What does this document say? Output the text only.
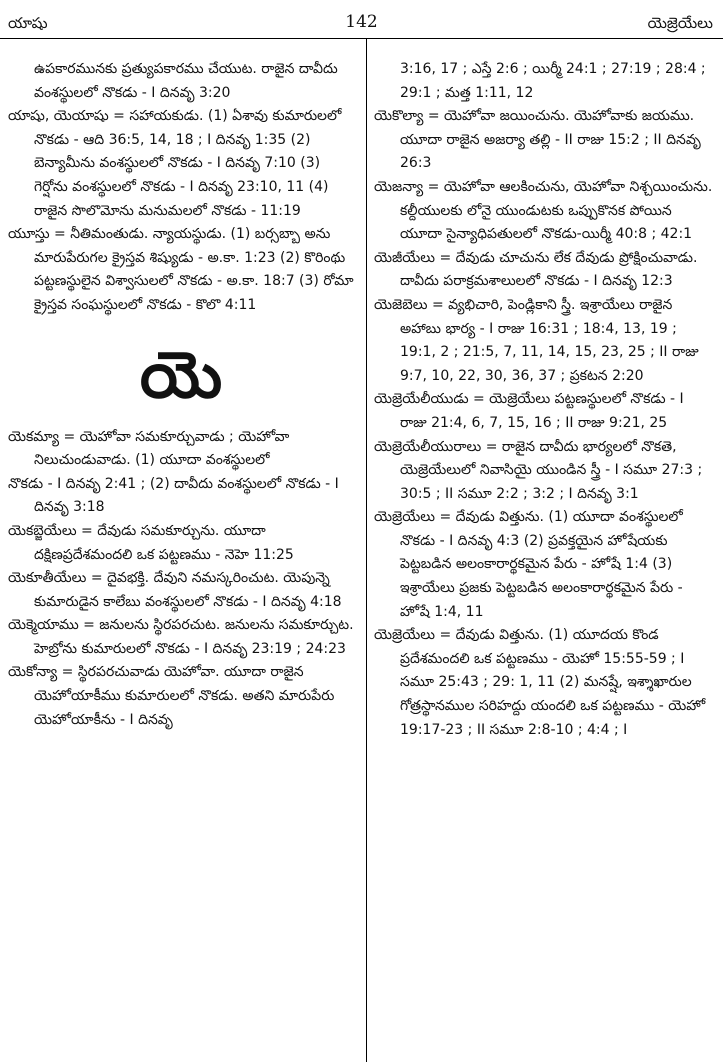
యాషు	142	యెజ్రెయేలు
ఉపకారమునకు ప్రత్యుపకారము చేయుట. రాజైన దావీదు వంశస్థులలో నొకడు - I దినవృ 3:20
యాషు, యెయాషు = సహాయకుడు. (1) ఏశావు కుమారులలో నొకడు - ఆది 36:5, 14, 18 ; I దినవృ 1:35 (2) బెన్యామీను వంశస్థులలో నొకడు - I దినవృ 7:10 (3) గెర్షోను వంశస్థులలో నొకడు - I దినవృ 23:10, 11 (4) రాజైన సొలొమోను మనుమలలో నొకడు - 11:19
యూస్తు = నీతిమంతుడు. న్యాయస్థుడు. (1) బర్సబ్బా అను మారుపేరుగల క్రైస్తవ శిష్యుడు - అ.కా. 1:23 (2) కొరింథు పట్టణస్థులైన విశ్వాసులలో నొకడు - అ.కా. 18:7 (3) రోమా క్రైస్తవ సంఘస్థులలో నొకడు - కొలొ 4:11
యె
యెకమ్యా = యెహోవా సమకూర్చువాడు ; యెహోవా నిలుచుండువాడు. (1) యూదా వంశస్థులలో
నొకడు - I దినవృ 2:41 ; (2) దావీదు వంశస్థులలో నొకడు - I దినవృ 3:18
యెకబ్జెయేలు = దేవుడు సమకూర్చును. యూదా దక్షిణప్రదేశమందలి ఒక పట్టణము - నెహె 11:25
యెకూతీయేలు = దైవభక్తి. దేవుని నమస్కరించుట. యెపున్నె కుమారుడైన కాలేబు వంశస్థులలో నొకడు - I దినవృ 4:18
యెక్మెయాము = జనులను స్థిరపరచుట. జనులను సమకూర్చుట. హెబ్రోను కుమారులలో నొకడు - I దినవృ 23:19 ; 24:23
యెకోన్యా = స్థిరపరచువాడు యెహోవా. యూదా రాజైన యెహోయాకీము కుమారులలో నొకడు. అతని మారుపేరు యెహోయాకీను - I దినవృ
3:16, 17 ; ఎస్తే 2:6 ; యిర్మీ 24:1 ; 27:19 ; 28:4 ; 29:1 ; మత్త 1:11, 12
యెకొల్యా = యెహోవా జయించును. యెహోవాకు జయము. యూదా రాజైన అజర్యా తల్లి - II రాజు 15:2 ; II దినవృ 26:3
యెజన్యా = యెహోవా ఆలకించును, యెహోవా నిశ్చయించును. కల్దీయులకు లోనై యుండుటకు ఒప్పుకొనక పోయిన యూదా సైన్యాధిపతులలో నొకడు-యిర్మీ 40:8 ; 42:1
యెజీయేలు = దేవుడు చూచును లేక దేవుడు ప్రోక్షించువాడు. దావీదు పరాక్రమశాలులలో నొకడు - I దినవృ 12:3
యెజెబెలు = వ్యభిచారి, పెండ్లికాని స్త్రీ. ఇశ్రాయేలు రాజైన అహాబు భార్య - I రాజు 16:31 ; 18:4, 13, 19 ; 19:1, 2 ; 21:5, 7, 11, 14, 15, 23, 25 ; II రాజు 9:7, 10, 22, 30, 36, 37 ; ప్రకటన 2:20
యెజ్రెయేలీయుడు = యెజ్రెయేలు పట్టణస్థులలో నొకడు - I రాజు 21:4, 6, 7, 15, 16 ; II రాజు 9:21, 25
యెజ్రెయేలీయురాలు = రాజైన దావీదు భార్యలలో నొకతె, యెజ్రెయేలులో నివాసియై యుండిన స్త్రీ - I సమూ 27:3 ; 30:5 ; II సమూ 2:2 ; 3:2 ; I దినవృ 3:1
యెజ్రెయేలు = దేవుడు విత్తును. (1) యూదా వంశస్థులలో నొకడు - I దినవృ 4:3 (2) ప్రవక్తయైన హోషేయకు పెట్టబడిన అలంకారార్థకమైన పేరు - హోషే 1:4 (3) ఇశ్రాయేలు ప్రజకు పెట్టబడిన అలంకారార్థకమైన పేరు - హోషే 1:4, 11
యెజ్రెయేలు = దేవుడు విత్తును. (1) యూదయ కొండ ప్రదేశమందలి ఒక పట్టణము - యెహో 15:55-59 ; I సమూ 25:43 ; 29: 1, 11 (2) మనష్షే, ఇశ్శాఖారుల గోత్రస్థానముల సరిహద్దు యందలి ఒక పట్టణము - యెహో 19:17-23 ; II సమూ 2:8-10 ; 4:4 ; I
